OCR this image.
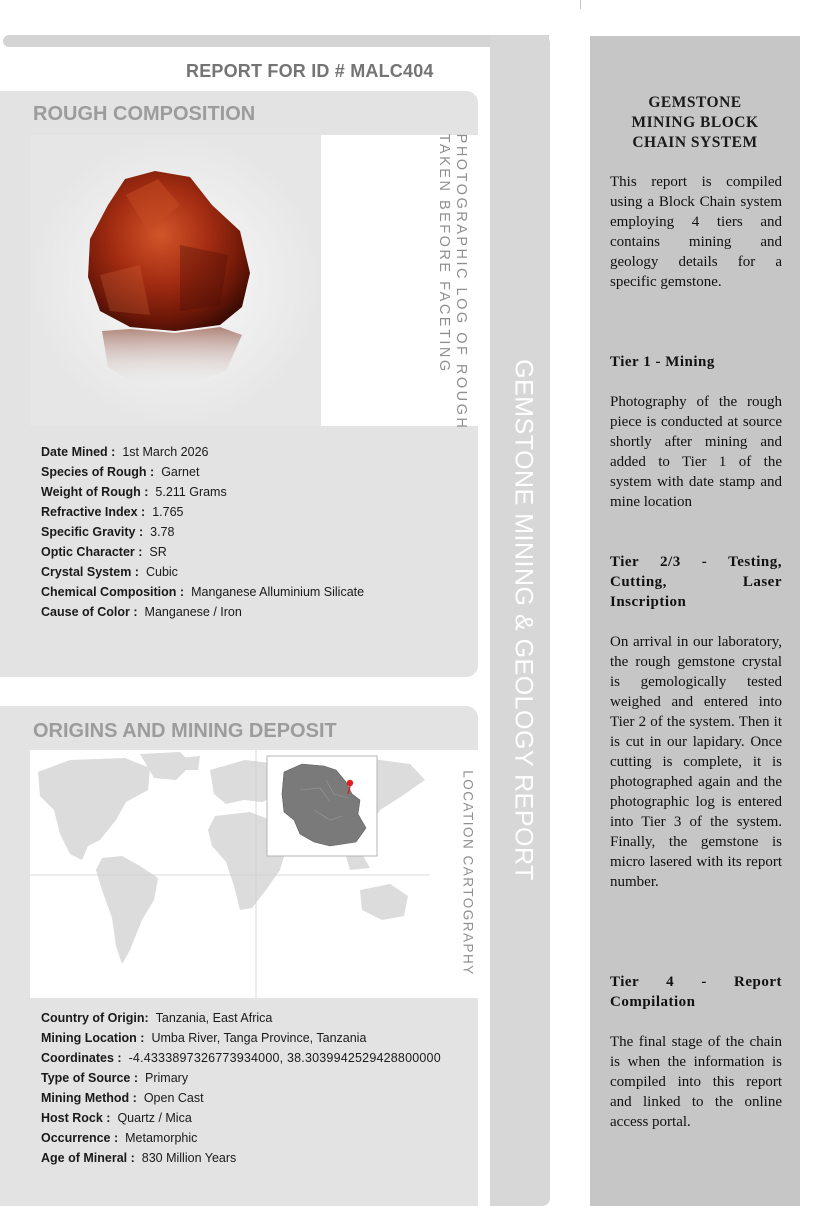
GEMSTONE MINING & GEOLOGY REPORT
REPORT FOR ID # MALC404
ROUGH COMPOSITION
PHOTOGRAPHIC LOG OF ROUGH
TAKEN BEFORE FACETING
Date Mined : 1st March 2026
Species of Rough : Garnet
Weight of Rough : 5.211 Grams
Refractive Index : 1.765
Specific Gravity : 3.78
Optic Character : SR
Crystal System : Cubic
Chemical Composition : Manganese Alluminium Silicate
Cause of Color : Manganese / Iron
ORIGINS AND MINING DEPOSIT
LOCATION CARTOGRAPHY
Country of Origin: Tanzania, East Africa
Mining Location : Umba River, Tanga Province, Tanzania
Coordinates : -4.4333897326773934000, 38.3039942529428800000
Type of Source : Primary
Mining Method : Open Cast
Host Rock : Quartz / Mica
Occurrence : Metamorphic
Age of Mineral : 830 Million Years
GEMSTONE
MINING BLOCK
CHAIN SYSTEM
This report is compiled using a Block Chain system employing 4 tiers and contains mining and geology details for a specific gemstone.
Tier 1 - Mining
Photography of the rough piece is conducted at source shortly after mining and added to Tier 1 of the system with date stamp and mine location
Tier 2/3 - Testing, Cutting, Laser Inscription
On arrival in our laboratory, the rough gemstone crystal is gemologically tested weighed and entered into Tier 2 of the system. Then it is cut in our lapidary. Once cutting is complete, it is photographed again and the photographic log is entered into Tier 3 of the system. Finally, the gemstone is micro lasered with its report number.
Tier 4 - Report Compilation
The final stage of the chain is when the information is compiled into this report and linked to the online access portal.
